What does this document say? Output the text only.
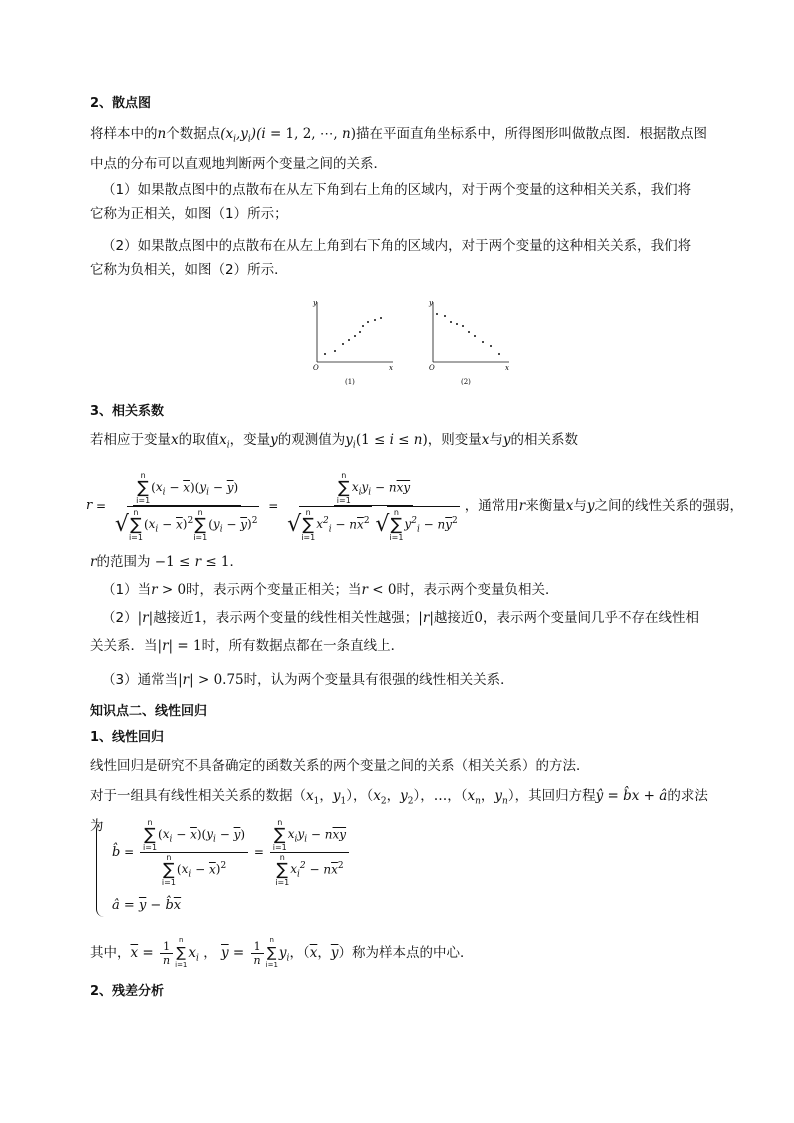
2、散点图

将样本中的n个数据点$(x_i,y_i)(i = 1$, 2, ⋯, n)描在平面直角坐标系中，所得图形叫做散点图．根据散点图
中点的分布可以直观地判断两个变量之间的关系．

（1）如果散点图中的点散布在从左下角到右上角的区域内，对于两个变量的这种相关关系，我们将

它称为正相关，如图（1）所示；

（2）如果散点图中的点散布在从左上角到右下角的区域内，对于两个变量的这种相关关系，我们将

它称为负相关，如图（2）所示．

y
x
O
(1)
y
x
O
(2)

3、相关系数

若相应于变量x的取值$x_i$，变量y的观测值为$y_i(1 \le i \le n)$，则变量x与y的相关系数

r = n
∑
i=1
$(x_i - \overline{x})(y_i - \overline{y})$
√ n
∑
i=1
$(x_i - \overline{x})^2$
n
∑
i=1
$(y_i - \overline{y})^2 = n$
∑
i=1
$x_iy_i - n\overline{xy}$
√ n
∑
i=1
$x^2_i - n\overline{x}^2$ √ n
∑
i=1
$y^2_i - n\overline{y}^2$ ，通常用r来衡量x与y之间的线性关系的强弱，

r的范围为 −1 ≤ r ≤ 1．

（1）当r > 0时，表示两个变量正相关；当r < 0时，表示两个变量负相关．

（2）|r|越接近1，表示两个变量的线性相关性越强；|r|越接近0，表示两个变量间几乎不存在线性相

关关系．当|r| = 1时，所有数据点都在一条直线上．

（3）通常当|r| > 0.75时，认为两个变量具有很强的线性相关关系．

知识点二、线性回归

1、线性回归

线性回归是研究不具备确定的函数关系的两个变量之间的关系（相关关系）的方法．

对于一组具有线性相关关系的数据（$x_1$，$y_1$），（$x_2$，$y_2$），…，（$x_n$，$y_n$），其回归方程ŷ = b̂x + â的求法为

b̂ = n
∑
i=1
$(x_i - \overline{x})(y_i - \overline{y})$
n
∑
i=1
$(x_i - \overline{x})^2 = n$
∑
i=1
$x_iy_i - n\overline{xy}$
n
∑
i=1
$x_i^2 - n\overline{x}^2$
â = $\overline{y}$ − $b̂\overline{x}$

其中，$\overline{x} = \frac{1}{n}$ n
∑
i=1
$x_i$ ， $\overline{y} = \frac{1}{n}$ n
∑
i=1
$y_i$，（$\overline{x}$，$\overline{y}$）称为样本点的中心．

2、残差分析
